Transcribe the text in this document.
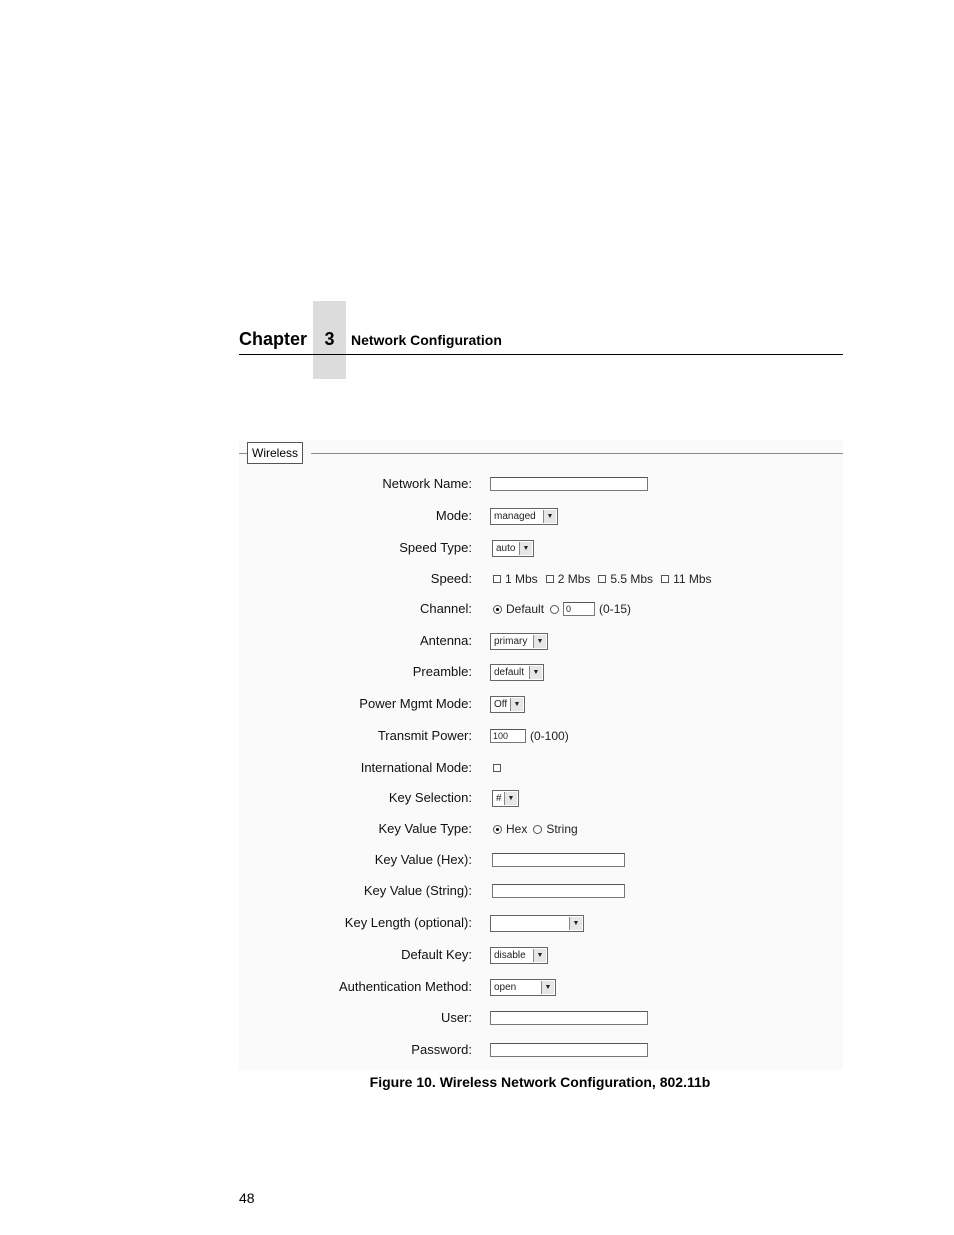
Chapter 3	Network Configuration
Wireless
Network Name:
Mode:	managed	▼
Speed Type:	auto	▼
Speed:	1 Mbs 2 Mbs 5.5 Mbs 11 Mbs
Channel:	Default	0	(0-15)
Antenna:	primary	▼
Preamble:	default	▼
Power Mgmt Mode:	Off ▼
Transmit Power:	100	(0-100)
International Mode:
Key Selection:	# ▼
Key Value Type:	Hex String
Key Value (Hex):
Key Value (String):
Key Length (optional):	▼
Default Key:	disable	▼
Authentication Method:	open	▼
User:
Password:
Figure 10. Wireless Network Configuration, 802.11b
48
